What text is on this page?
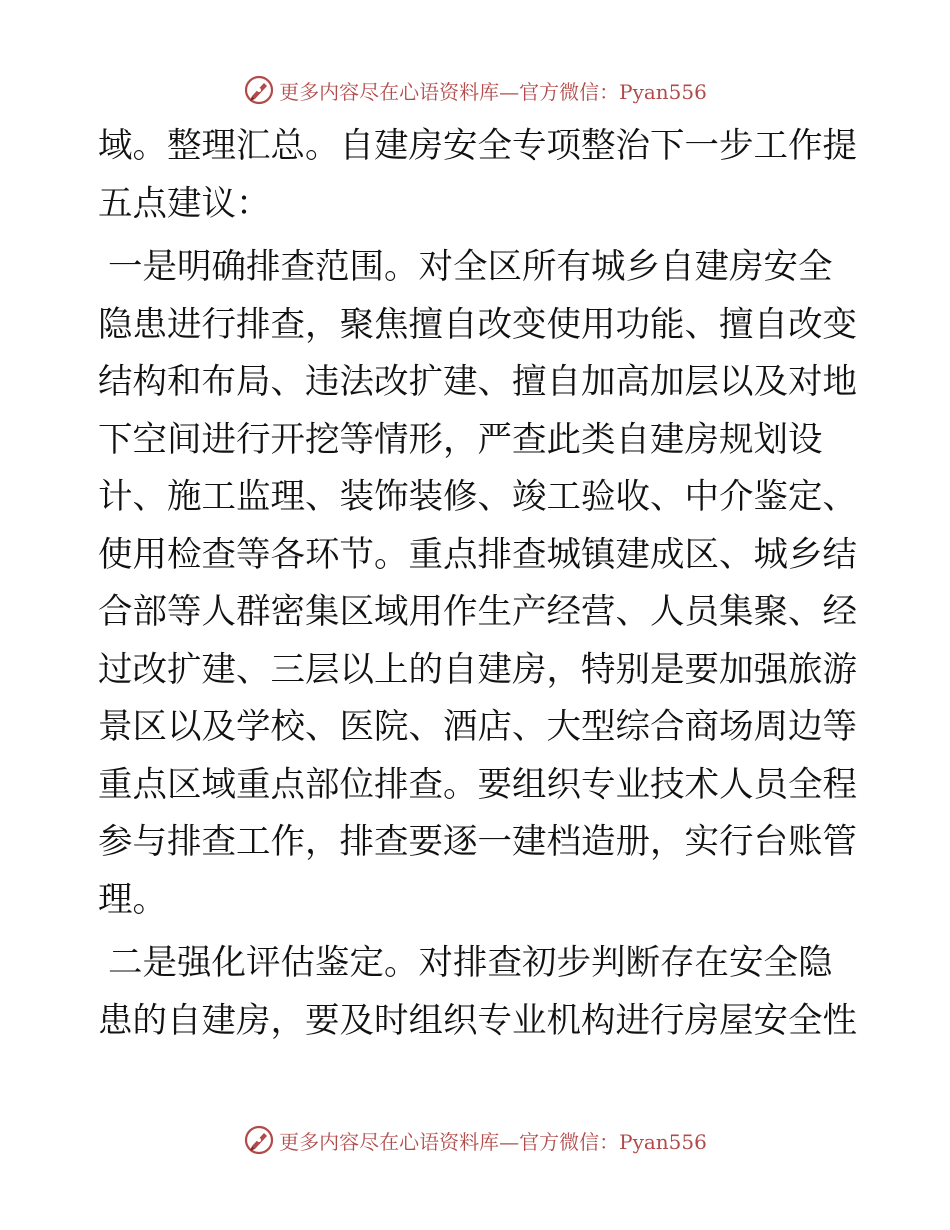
更多内容尽在心语资料库—官方微信：Pyan556
域。整理汇总。自建房安全专项整治下一步工作提
五点建议：
一是明确排查范围。对全区所有城乡自建房安全
隐患进行排查，聚焦擅自改变使用功能、擅自改变
结构和布局、违法改扩建、擅自加高加层以及对地
下空间进行开挖等情形，严查此类自建房规划设
计、施工监理、装饰装修、竣工验收、中介鉴定、
使用检查等各环节。重点排查城镇建成区、城乡结
合部等人群密集区域用作生产经营、人员集聚、经
过改扩建、三层以上的自建房，特别是要加强旅游
景区以及学校、医院、酒店、大型综合商场周边等
重点区域重点部位排查。要组织专业技术人员全程
参与排查工作，排查要逐一建档造册，实行台账管
理。
二是强化评估鉴定。对排查初步判断存在安全隐
患的自建房，要及时组织专业机构进行房屋安全性
更多内容尽在心语资料库—官方微信：Pyan556
